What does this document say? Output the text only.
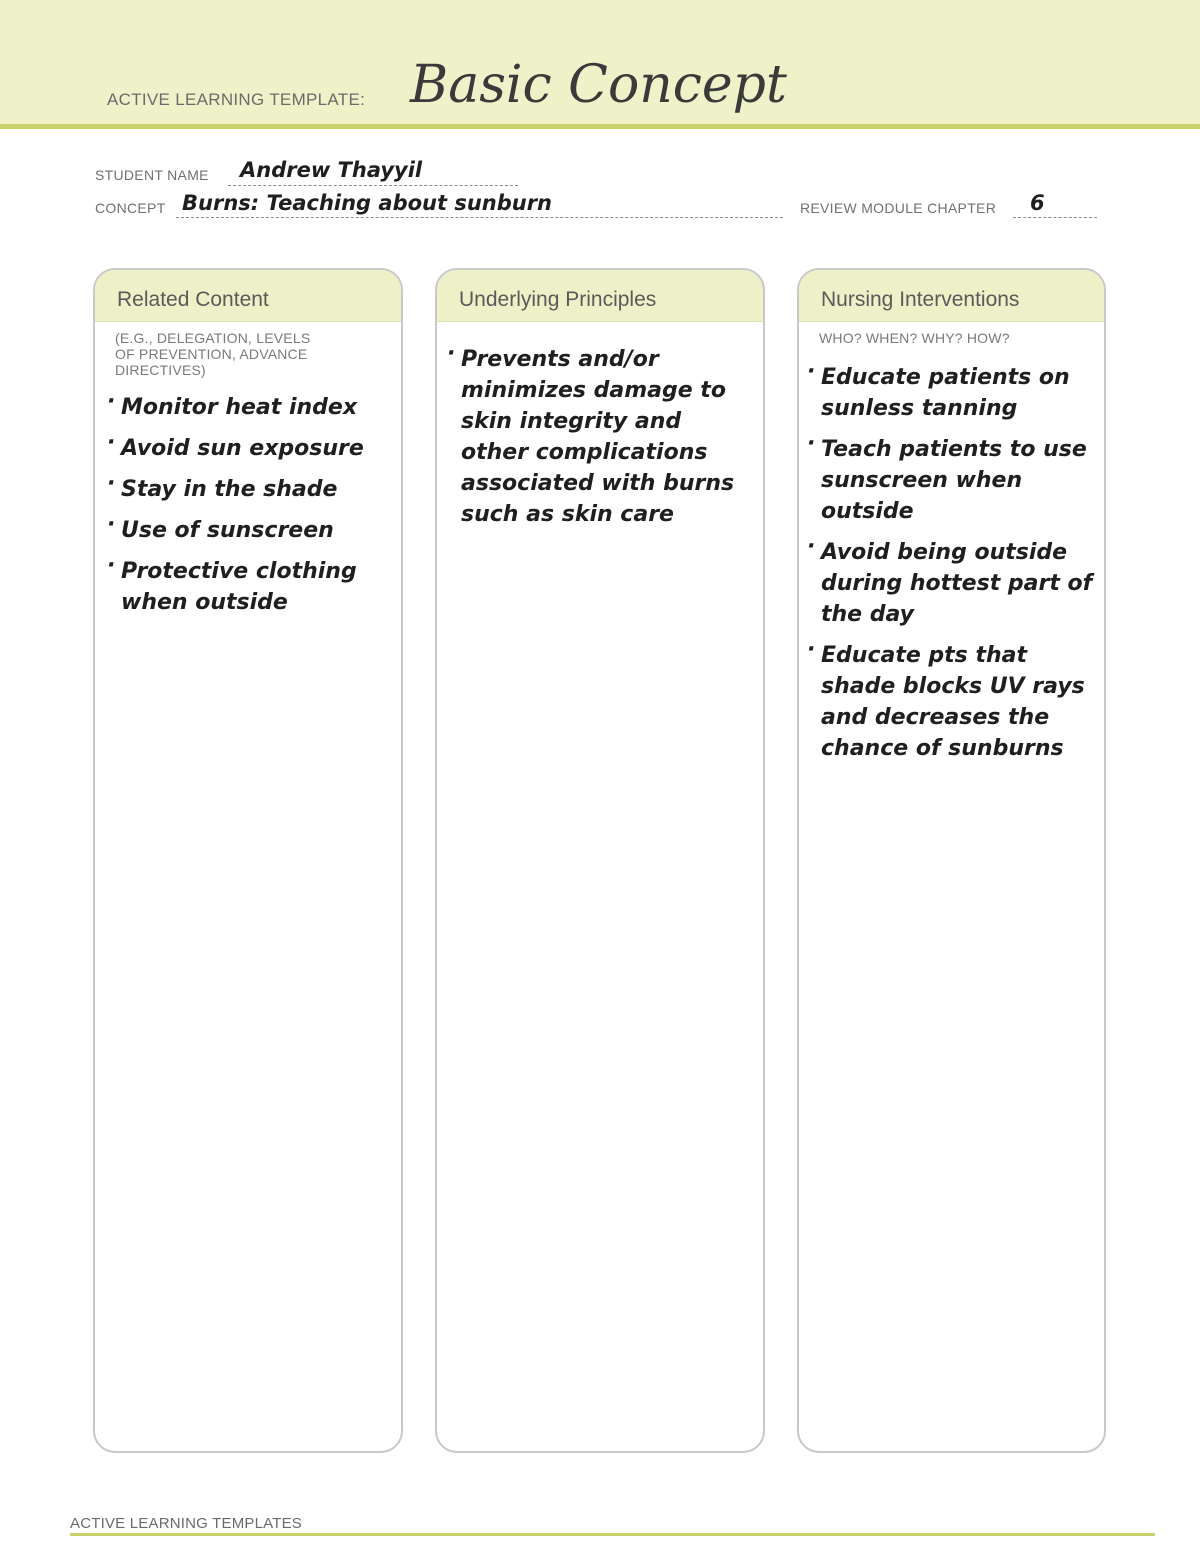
ACTIVE LEARNING TEMPLATE: Basic Concept
STUDENT NAME Andrew Thayyil
CONCEPT Burns: Teaching about sunburn	REVIEW MODULE CHAPTER 6
Related Content
(E.G., DELEGATION, LEVELS OF PREVENTION, ADVANCE DIRECTIVES)
· Monitor heat index
· Avoid sun exposure
· Stay in the shade
· Use of sunscreen
· Protective clothing when outside
Underlying Principles
· Prevents and/or minimizes damage to skin integrity and other complications associated with burns such as skin care
Nursing Interventions
WHO? WHEN? WHY? HOW?
· Educate patients on sunless tanning
· Teach patients to use sunscreen when outside
· Avoid being outside during hottest part of the day
· Educate pts that shade blocks UV rays and decreases the chance of sunburns
ACTIVE LEARNING TEMPLATES
